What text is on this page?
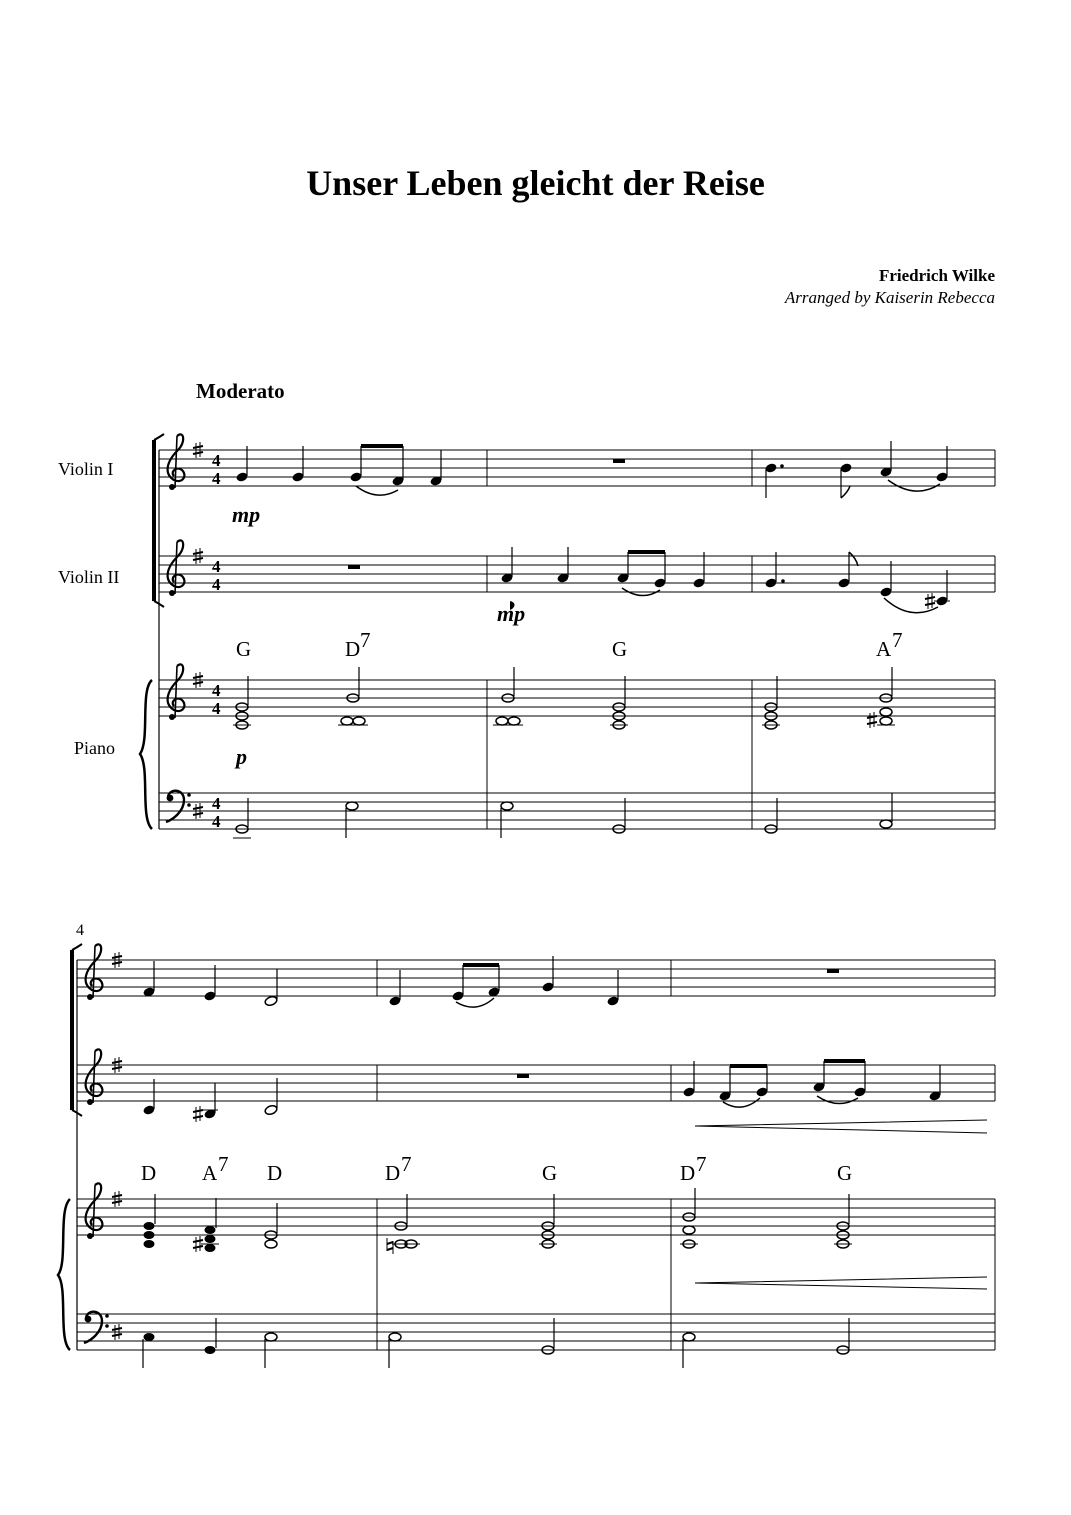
Unser Leben gleicht der Reise
Friedrich Wilke
Arranged by Kaiserin Rebecca
Moderato
Violin I
Violin II
Piano
4
4
4
4
4
4
4
4
4
mp
mp
G	D 7	G	A 7
p
D A 7 D	D 7	G	D 7	G
